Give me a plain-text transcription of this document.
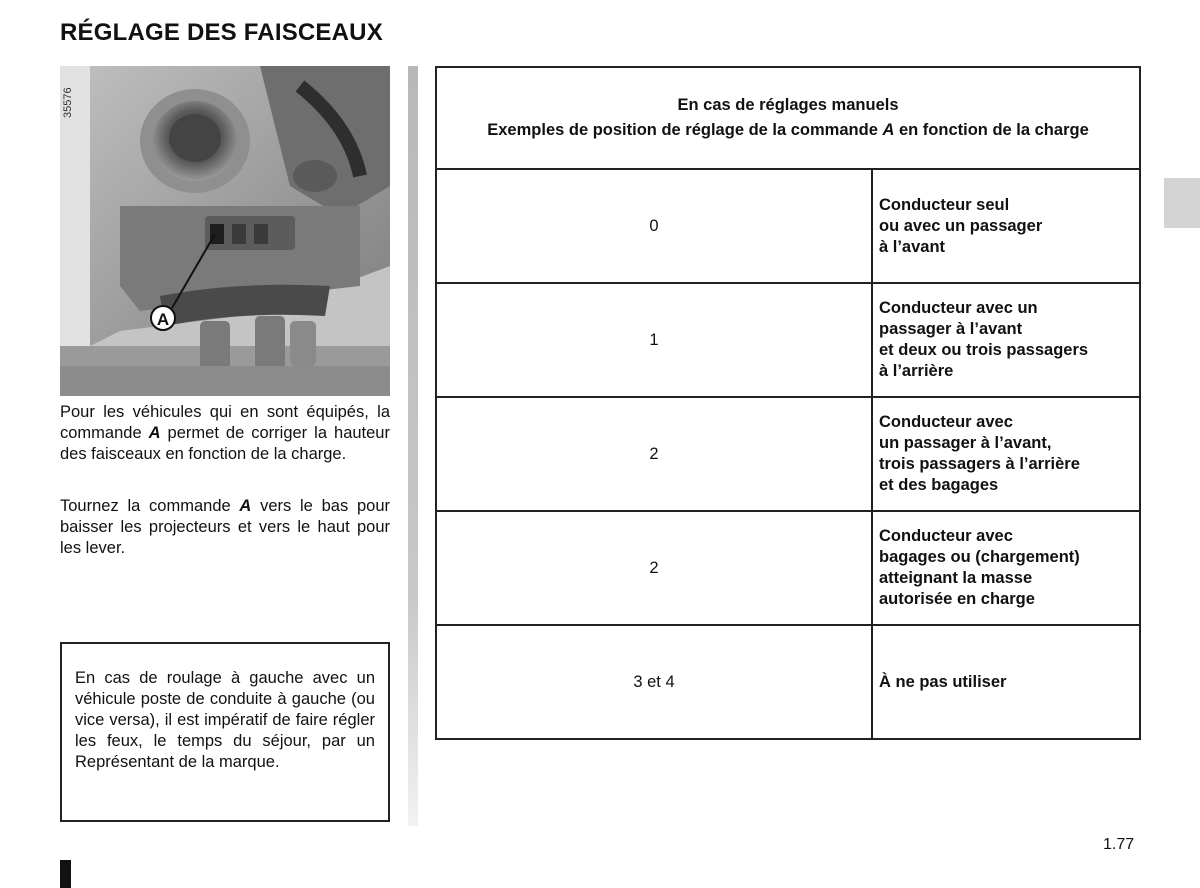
RÉGLAGE DES FAISCEAUX
A
35576

Pour les véhicules qui en sont équipés, la commande A permet de corriger la hauteur des faisceaux en fonction de la charge.

Tournez la commande A vers le bas pour baisser les projecteurs et vers le haut pour les lever.

En cas de roulage à gauche avec un véhicule poste de conduite à gauche (ou vice versa), il est impératif de faire régler les feux, le temps du séjour, par un Représentant de la marque.
En cas de réglages manuels
Exemples de position de réglage de la commande A en fonction de la charge	

0	Conducteur seul
ou avec un passager
à l’avant

1	Conducteur avec un
passager à l’avant
et deux ou trois passagers
à l’arrière

2	Conducteur avec
un passager à l’avant,
trois passagers à l’arrière
et des bagages

2	Conducteur avec
bagages ou (chargement)
atteignant la masse
autorisée en charge

3 et 4	À ne pas utiliser
1.77
